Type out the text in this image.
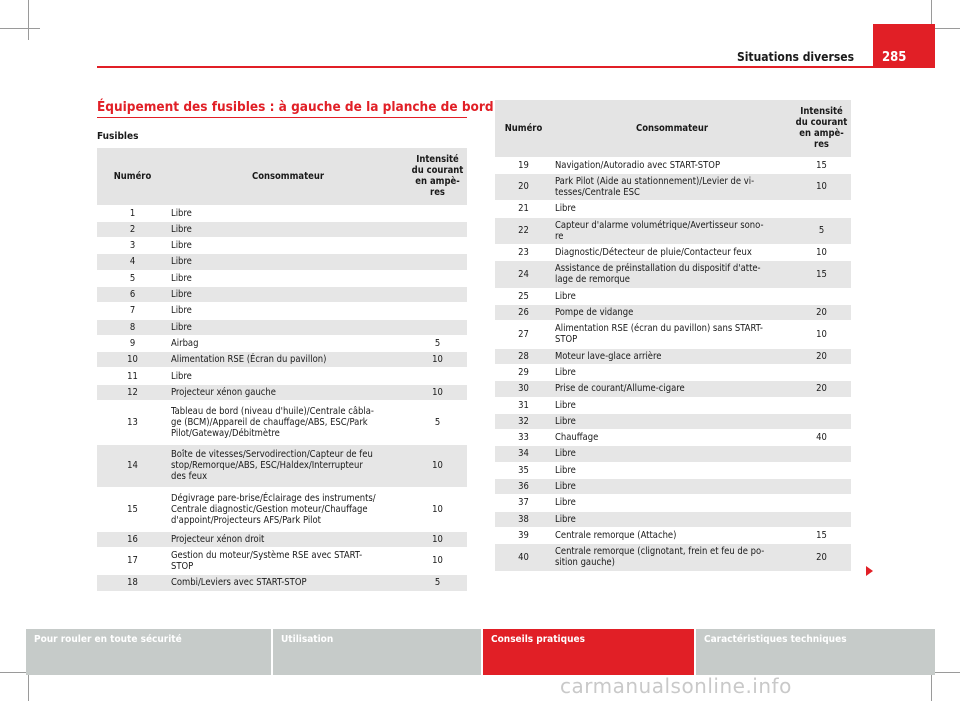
Situations diverses	285
Équipement des fusibles : à gauche de la planche de bord
Fusibles
Numéro	Consommateur	Intensité du courant en ampè-
res
1	Libre	
2	Libre	
3	Libre	
4	Libre	
5	Libre	
6	Libre	
7	Libre	
8	Libre	
9	Airbag	5
10	Alimentation RSE (Écran du pavillon)	10
11	Libre	
12	Projecteur xénon gauche	10
13	Tableau de bord (niveau d'huile)/Centrale câbla-
ge (BCM)/Appareil de chauffage/ABS, ESC/Park
Pilot/Gateway/Débitmètre	5
14	Boîte de vitesses/Servodirection/Capteur de feu
stop/Remorque/ABS, ESC/Haldex/Interrupteur
des feux	10
15	Dégivrage pare-brise/Éclairage des instruments/
Centrale diagnostic/Gestion moteur/Chauffage
d'appoint/Projecteurs AFS/Park Pilot	10
16	Projecteur xénon droit	10
17	Gestion du moteur/Système RSE avec START-
STOP	10
18	Combi/Leviers avec START-STOP	5
Numéro	Consommateur	Intensité du courant en ampè-
res
19	Navigation/Autoradio avec START-STOP	15
20	Park Pilot (Aide au stationnement)/Levier de vi-
tesses/Centrale ESC	10
21	Libre	
22	Capteur d'alarme volumétrique/Avertisseur sono-
re	5
23	Diagnostic/Détecteur de pluie/Contacteur feux	10
24	Assistance de préinstallation du dispositif d'atte-
lage de remorque	15
25	Libre	
26	Pompe de vidange	20
27	Alimentation RSE (écran du pavillon) sans START-
STOP	10
28	Moteur lave-glace arrière	20
29	Libre	
30	Prise de courant/Allume-cigare	20
31	Libre	
32	Libre	
33	Chauffage	40
34	Libre	
35	Libre	
36	Libre	
37	Libre	
38	Libre	
39	Centrale remorque (Attache)	15
40	Centrale remorque (clignotant, frein et feu de po-
sition gauche)	20
Pour rouler en toute sécurité	Utilisation	Conseils pratiques	Caractéristiques techniques
carmanualsonline.info
